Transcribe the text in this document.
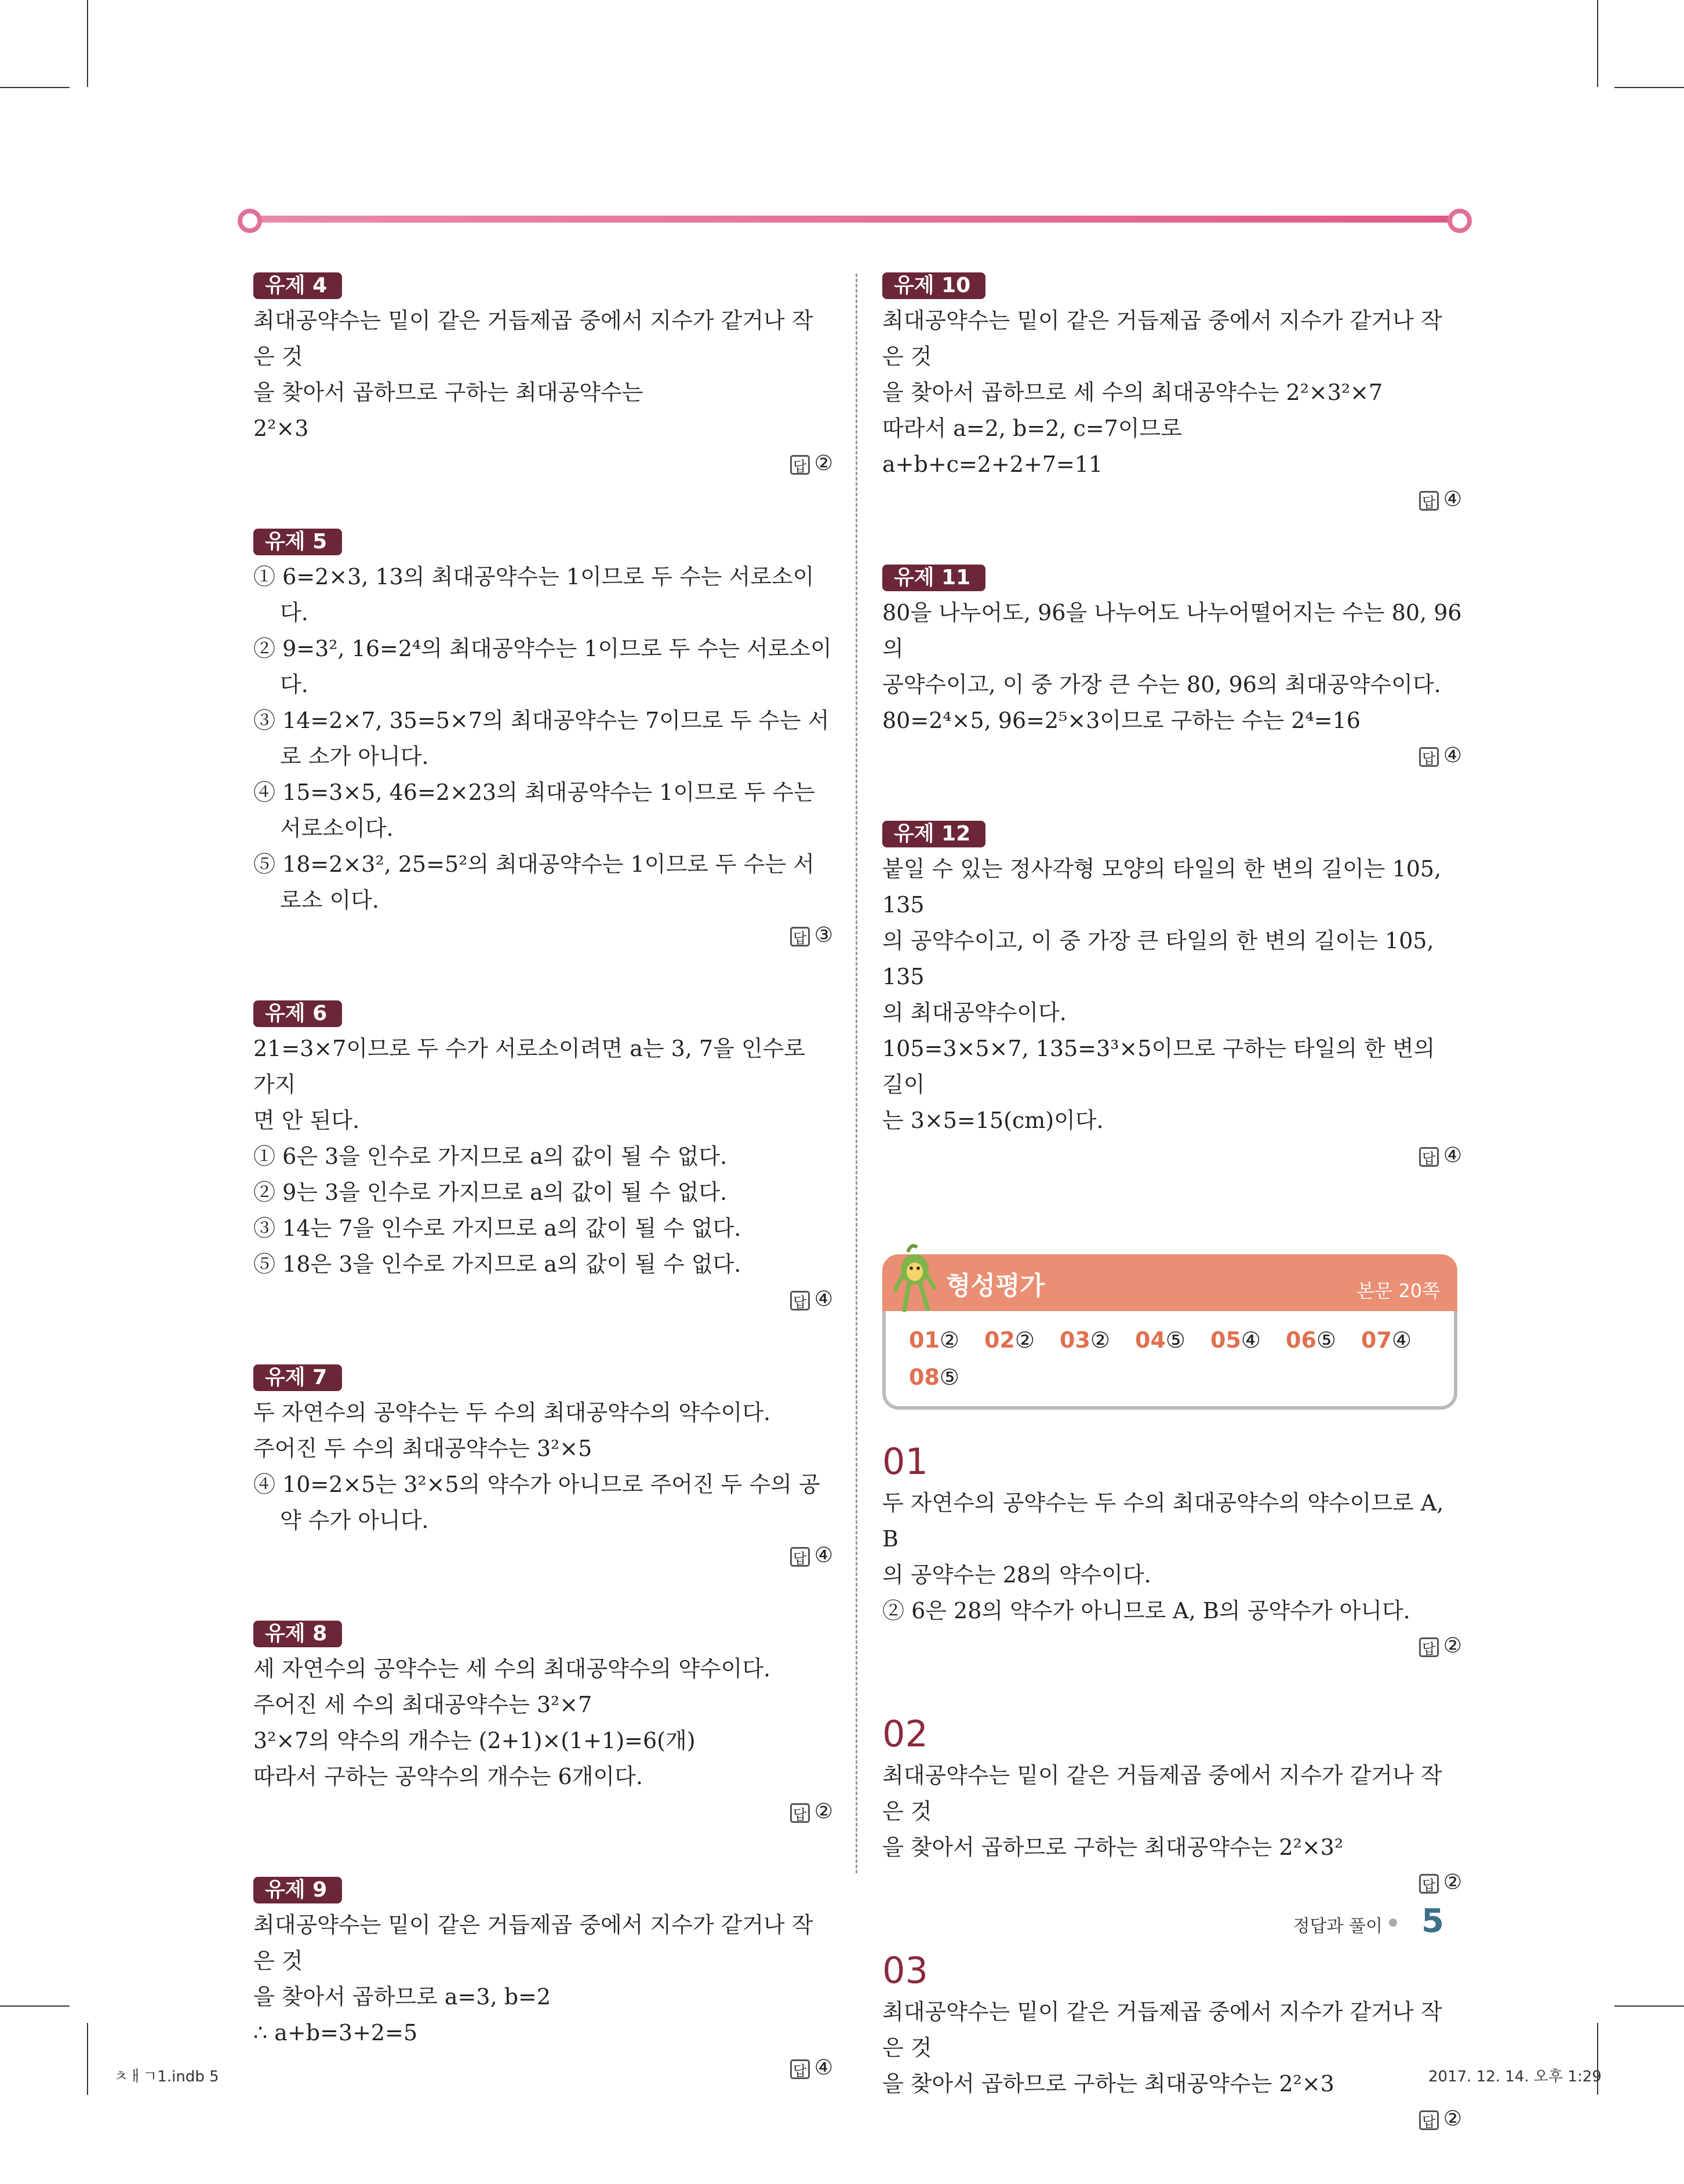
유제 4
최대공약수는 밑이 같은 거듭제곱 중에서 지수가 같거나 작은 것
을 찾아서 곱하므로 구하는 최대공약수는
2²×3
답 ②
유제 5
① 6=2×3, 13의 최대공약수는 1이므로 두 수는 서로소이다.
② 9=3², 16=2⁴의 최대공약수는 1이므로 두 수는 서로소이다.
③ 14=2×7, 35=5×7의 최대공약수는 7이므로 두 수는 서로 소가 아니다.
④ 15=3×5, 46=2×23의 최대공약수는 1이므로 두 수는 서로소이다.
⑤ 18=2×3², 25=5²의 최대공약수는 1이므로 두 수는 서로소 이다.
답 ③
유제 6
21=3×7이므로 두 수가 서로소이려면 a는 3, 7을 인수로 가지
면 안 된다.
① 6은 3을 인수로 가지므로 a의 값이 될 수 없다.
② 9는 3을 인수로 가지므로 a의 값이 될 수 없다.
③ 14는 7을 인수로 가지므로 a의 값이 될 수 없다.
⑤ 18은 3을 인수로 가지므로 a의 값이 될 수 없다.
답 ④
유제 7
두 자연수의 공약수는 두 수의 최대공약수의 약수이다.
주어진 두 수의 최대공약수는 3²×5
④ 10=2×5는 3²×5의 약수가 아니므로 주어진 두 수의 공약 수가 아니다.
답 ④
유제 8
세 자연수의 공약수는 세 수의 최대공약수의 약수이다.
주어진 세 수의 최대공약수는 3²×7
3²×7의 약수의 개수는 (2+1)×(1+1)=6(개)
따라서 구하는 공약수의 개수는 6개이다.
답 ②
유제 9
최대공약수는 밑이 같은 거듭제곱 중에서 지수가 같거나 작은 것
을 찾아서 곱하므로 a=3, b=2
∴ a+b=3+2=5
답 ④
유제 10
최대공약수는 밑이 같은 거듭제곱 중에서 지수가 같거나 작은 것
을 찾아서 곱하므로 세 수의 최대공약수는 2²×3²×7
따라서 a=2, b=2, c=7이므로
a+b+c=2+2+7=11
답 ④
유제 11
80을 나누어도, 96을 나누어도 나누어떨어지는 수는 80, 96의
공약수이고, 이 중 가장 큰 수는 80, 96의 최대공약수이다.
80=2⁴×5, 96=2⁵×3이므로 구하는 수는 2⁴=16
답 ④
유제 12
붙일 수 있는 정사각형 모양의 타일의 한 변의 길이는 105, 135
의 공약수이고, 이 중 가장 큰 타일의 한 변의 길이는 105, 135
의 최대공약수이다.
105=3×5×7, 135=3³×5이므로 구하는 타일의 한 변의 길이
는 3×5=15(cm)이다.
답 ④
형성평가	본문 20쪽
01② 02② 03② 04⑤ 05④ 06⑤ 07④08⑤
01
두 자연수의 공약수는 두 수의 최대공약수의 약수이므로 A, B
의 공약수는 28의 약수이다.
② 6은 28의 약수가 아니므로 A, B의 공약수가 아니다.
답 ②
02
최대공약수는 밑이 같은 거듭제곱 중에서 지수가 같거나 작은 것
을 찾아서 곱하므로 구하는 최대공약수는 2²×3²
답 ②
03
최대공약수는 밑이 같은 거듭제곱 중에서 지수가 같거나 작은 것
을 찾아서 곱하므로 구하는 최대공약수는 2²×3
답 ②
정답과 풀이 5
ㅊㅐㄱ1.indb 5	2017. 12. 14. 오후 1:29
